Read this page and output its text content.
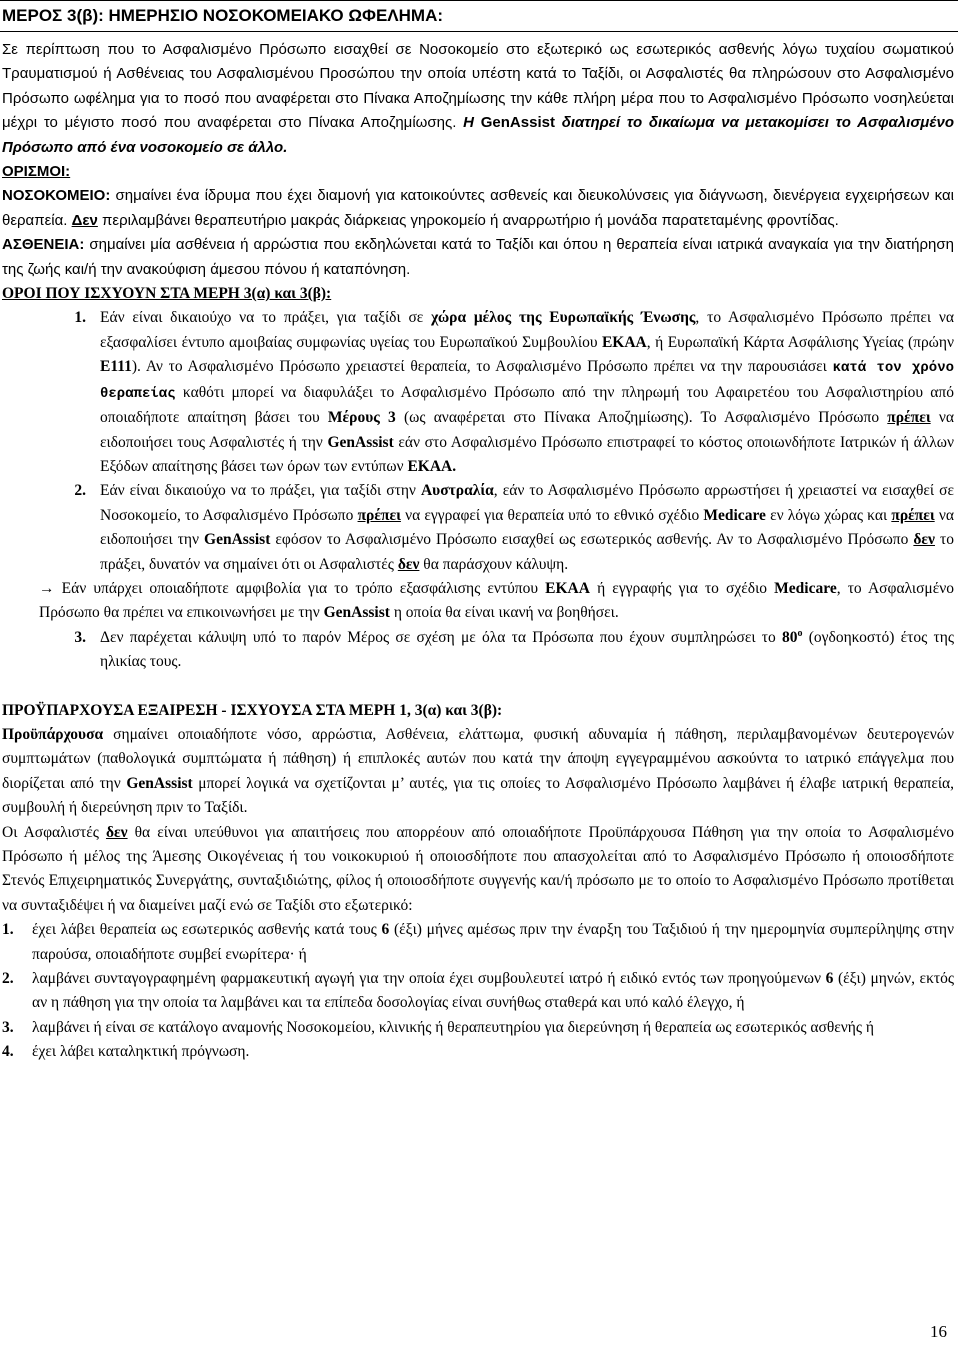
ΜΕΡΟΣ 3(β): ΗΜΕΡΗΣΙΟ ΝΟΣΟΚΟΜΕΙΑΚΟ ΩΦΕΛΗΜΑ:

Σε περίπτωση που το Ασφαλισμένο Πρόσωπο εισαχθεί σε Νοσοκομείο στο εξωτερικό ως εσωτερικός ασθενής λόγω τυχαίου σωματικού Τραυματισμού ή Ασθένειας του Ασφαλισμένου Προσώπου την οποία υπέστη κατά το Ταξίδι, οι Ασφαλιστές θα πληρώσουν στο Ασφαλισμένο Πρόσωπο ωφέλημα για το ποσό που αναφέρεται στο Πίνακα Αποζημίωσης την κάθε πλήρη μέρα που το Ασφαλισμένο Πρόσωπο νοσηλεύεται μέχρι το μέγιστο ποσό που αναφέρεται στο Πίνακα Αποζημίωσης. Η GenAssist διατηρεί το δικαίωμα να μετακομίσει το Ασφαλισμένο Πρόσωπο από ένα νοσοκομείο σε άλλο.

ΟΡΙΣΜΟΙ:

ΝΟΣΟΚΟΜΕΙΟ: σημαίνει ένα ίδρυμα που έχει διαμονή για κατοικούντες ασθενείς και διευκολύνσεις για διάγνωση, διενέργεια εγχειρήσεων και θεραπεία. Δεν περιλαμβάνει θεραπευτήριο μακράς διάρκειας γηροκομείο ή αναρρωτήριο ή μονάδα παρατεταμένης φροντίδας.

ΑΣΘΕΝΕΙΑ: σημαίνει μία ασθένεια ή αρρώστια που εκδηλώνεται κατά το Ταξίδι και όπου η θεραπεία είναι ιατρικά αναγκαία για την διατήρηση της ζωής και/ή την ανακούφιση άμεσου πόνου ή καταπόνηση.

ΟΡΟΙ ΠΟΥ ΙΣΧΥΟΥΝ ΣΤΑ ΜΕΡΗ 3(α) και 3(β):

1. Εάν είναι δικαιούχο να το πράξει, για ταξίδι σε χώρα μέλος της Ευρωπαϊκής Ένωσης, το Ασφαλισμένο Πρόσωπο πρέπει να εξασφαλίσει έντυπο αμοιβαίας συμφωνίας υγείας του Ευρωπαϊκού Συμβουλίου ΕΚΑΑ, ή Ευρωπαϊκή Κάρτα Ασφάλισης Υγείας (πρώην Ε111). Αν το Ασφαλισμένο Πρόσωπο χρειαστεί θεραπεία, το Ασφαλισμένο Πρόσωπο πρέπει να την παρουσιάσει κατά τον χρόνο θεραπείας καθότι μπορεί να διαφυλάξει το Ασφαλισμένο Πρόσωπο από την πληρωμή του Αφαιρετέου του Ασφαλιστηρίου από οποιαδήποτε απαίτηση βάσει του Μέρους 3 (ως αναφέρεται στο Πίνακα Αποζημίωσης). Το Ασφαλισμένο Πρόσωπο πρέπει να ειδοποιήσει τους Ασφαλιστές ή την GenAssist εάν στο Ασφαλισμένο Πρόσωπο επιστραφεί το κόστος οποιωνδήποτε Ιατρικών ή άλλων Εξόδων απαίτησης βάσει των όρων των εντύπων ΕΚΑΑ.
2. Εάν είναι δικαιούχο να το πράξει, για ταξίδι στην Αυστραλία, εάν το Ασφαλισμένο Πρόσωπο αρρωστήσει ή χρειαστεί να εισαχθεί σε Νοσοκομείο, το Ασφαλισμένο Πρόσωπο πρέπει να εγγραφεί για θεραπεία υπό το εθνικό σχέδιο Medicare εν λόγω χώρας και πρέπει να ειδοποιήσει την GenAssist εφόσον το Ασφαλισμένο Πρόσωπο εισαχθεί ως εσωτερικός ασθενής. Αν το Ασφαλισμένο Πρόσωπο δεν το πράξει, δυνατόν να σημαίνει ότι οι Ασφαλιστές δεν θα παράσχουν κάλυψη.

→ Εάν υπάρχει οποιαδήποτε αμφιβολία για το τρόπο εξασφάλισης εντύπου ΕΚΑΑ ή εγγραφής για το σχέδιο Medicare, το Ασφαλισμένο Πρόσωπο θα πρέπει να επικοινωνήσει με την GenAssist η οποία θα είναι ικανή να βοηθήσει.

3. Δεν παρέχεται κάλυψη υπό το παρόν Μέρος σε σχέση με όλα τα Πρόσωπα που έχουν συμπληρώσει το $80^o$ (ογδοηκοστό) έτος της ηλικίας τους.

ΠΡΟΫΠΑΡΧΟΥΣΑ ΕΞΑΙΡΕΣΗ - ΙΣΧΥΟΥΣΑ ΣΤΑ ΜΕΡΗ 1, 3(α) και 3(β):

Προϋπάρχουσα σημαίνει οποιαδήποτε νόσο, αρρώστια, Ασθένεια, ελάττωμα, φυσική αδυναμία ή πάθηση, περιλαμβανομένων δευτερογενών συμπτωμάτων (παθολογικά συμπτώματα ή πάθηση) ή επιπλοκές αυτών που κατά την άποψη εγγεγραμμένου ασκούντα το ιατρικό επάγγελμα που διορίζεται από την GenAssist μπορεί λογικά να σχετίζονται μ’ αυτές, για τις οποίες το Ασφαλισμένο Πρόσωπο λαμβάνει ή έλαβε ιατρική θεραπεία, συμβουλή ή διερεύνηση πριν το Ταξίδι.

Οι Ασφαλιστές δεν θα είναι υπεύθυνοι για απαιτήσεις που απορρέουν από οποιαδήποτε Προϋπάρχουσα Πάθηση για την οποία το Ασφαλισμένο Πρόσωπο ή μέλος της Άμεσης Οικογένειας ή του νοικοκυριού ή οποιοσδήποτε που απασχολείται από το Ασφαλισμένο Πρόσωπο ή οποιοσδήποτε Στενός Επιχειρηματικός Συνεργάτης, συνταξιδιώτης, φίλος ή οποιοσδήποτε συγγενής και/ή πρόσωπο με το οποίο το Ασφαλισμένο Πρόσωπο προτίθεται να συνταξιδέψει ή να διαμείνει μαζί ενώ σε Ταξίδι στο εξωτερικό:

1.	έχει λάβει θεραπεία ως εσωτερικός ασθενής κατά τους 6 (έξι) μήνες αμέσως πριν την έναρξη του Ταξιδιού ή την ημερομηνία συμπερίληψης στην παρούσα, οποιαδήποτε συμβεί ενωρίτερα· ή
2.	λαμβάνει συνταγογραφημένη φαρμακευτική αγωγή για την οποία έχει συμβουλευτεί ιατρό ή ειδικό εντός των προηγούμενων 6 (έξι) μηνών, εκτός αν η πάθηση για την οποία τα λαμβάνει και τα επίπεδα δοσολογίας είναι συνήθως σταθερά και υπό καλό έλεγχο, ή
3.	λαμβάνει ή είναι σε κατάλογο αναμονής Νοσοκομείου, κλινικής ή θεραπευτηρίου για διερεύνηση ή θεραπεία ως εσωτερικός ασθενής ή
4.	έχει λάβει καταληκτική πρόγνωση.
16
